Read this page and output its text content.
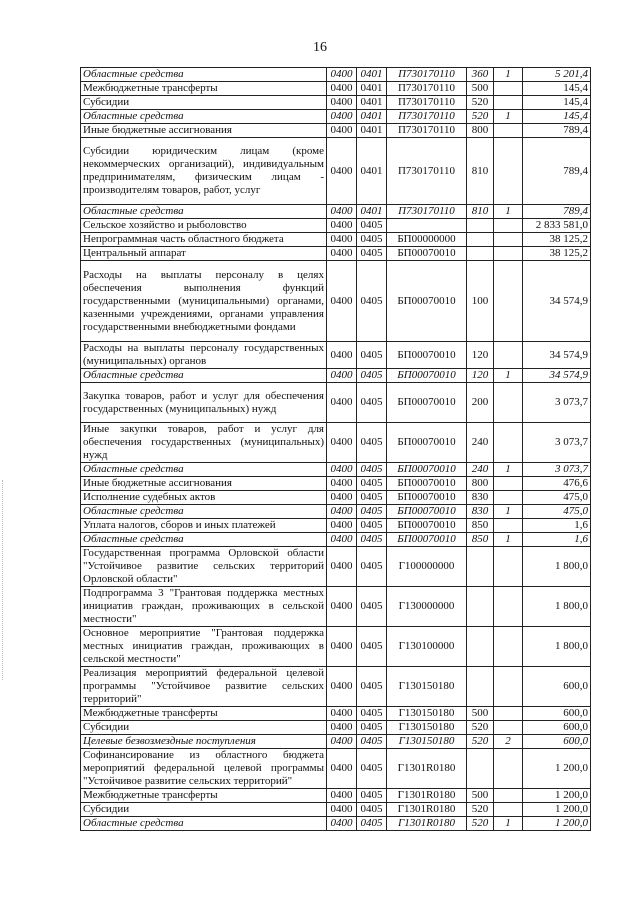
16
Областные средства	0400	0401	П730170110	360	1	5 201,4
Межбюджетные трансферты	0400	0401	П730170110	500		145,4
Субсидии	0400	0401	П730170110	520		145,4
Областные средства	0400	0401	П730170110	520	1	145,4
Иные бюджетные ассигнования	0400	0401	П730170110	800		789,4
Субсидии юридическим лицам (кроме некоммерческих организаций), индивидуальным предпринимателям, физическим лицам - производителям товаров, работ, услуг	0400	0401	П730170110	810		789,4
Областные средства	0400	0401	П730170110	810	1	789,4
Сельское хозяйство и рыболовство	0400	0405				2 833 581,0
Непрограммная часть областного бюджета	0400	0405	БП00000000			38 125,2
Центральный аппарат	0400	0405	БП00070010			38 125,2
Расходы на выплаты персоналу в целях обеспечения выполнения функций государственными (муниципальными) органами, казенными учреждениями, органами управления государственными внебюджетными фондами	0400	0405	БП00070010	100		34 574,9
Расходы на выплаты персоналу государственных (муниципальных) органов	0400	0405	БП00070010	120		34 574,9
Областные средства	0400	0405	БП00070010	120	1	34 574,9
Закупка товаров, работ и услуг для обеспечения государственных (муниципальных) нужд	0400	0405	БП00070010	200		3 073,7
Иные закупки товаров, работ и услуг для обеспечения государственных (муниципальных) нужд	0400	0405	БП00070010	240		3 073,7
Областные средства	0400	0405	БП00070010	240	1	3 073,7
Иные бюджетные ассигнования	0400	0405	БП00070010	800		476,6
Исполнение судебных актов	0400	0405	БП00070010	830		475,0
Областные средства	0400	0405	БП00070010	830	1	475,0
Уплата налогов, сборов и иных платежей	0400	0405	БП00070010	850		1,6
Областные средства	0400	0405	БП00070010	850	1	1,6
Государственная программа Орловской области "Устойчивое развитие сельских территорий Орловской области"	0400	0405	Г100000000			1 800,0
Подпрограмма 3 "Грантовая поддержка местных инициатив граждан, проживающих в сельской местности"	0400	0405	Г130000000			1 800,0
Основное мероприятие "Грантовая поддержка местных инициатив граждан, проживающих в сельской местности"	0400	0405	Г130100000			1 800,0
Реализация мероприятий федеральной целевой программы "Устойчивое развитие сельских территорий"	0400	0405	Г130150180			600,0
Межбюджетные трансферты	0400	0405	Г130150180	500		600,0
Субсидии	0400	0405	Г130150180	520		600,0
Целевые безвозмездные поступления	0400	0405	Г130150180	520	2	600,0
Софинансирование из областного бюджета мероприятий федеральной целевой программы "Устойчивое развитие сельских территорий"	0400	0405	Г1301R0180			1 200,0
Межбюджетные трансферты	0400	0405	Г1301R0180	500		1 200,0
Субсидии	0400	0405	Г1301R0180	520		1 200,0
Областные средства	0400	0405	Г1301R0180	520	1	1 200,0
